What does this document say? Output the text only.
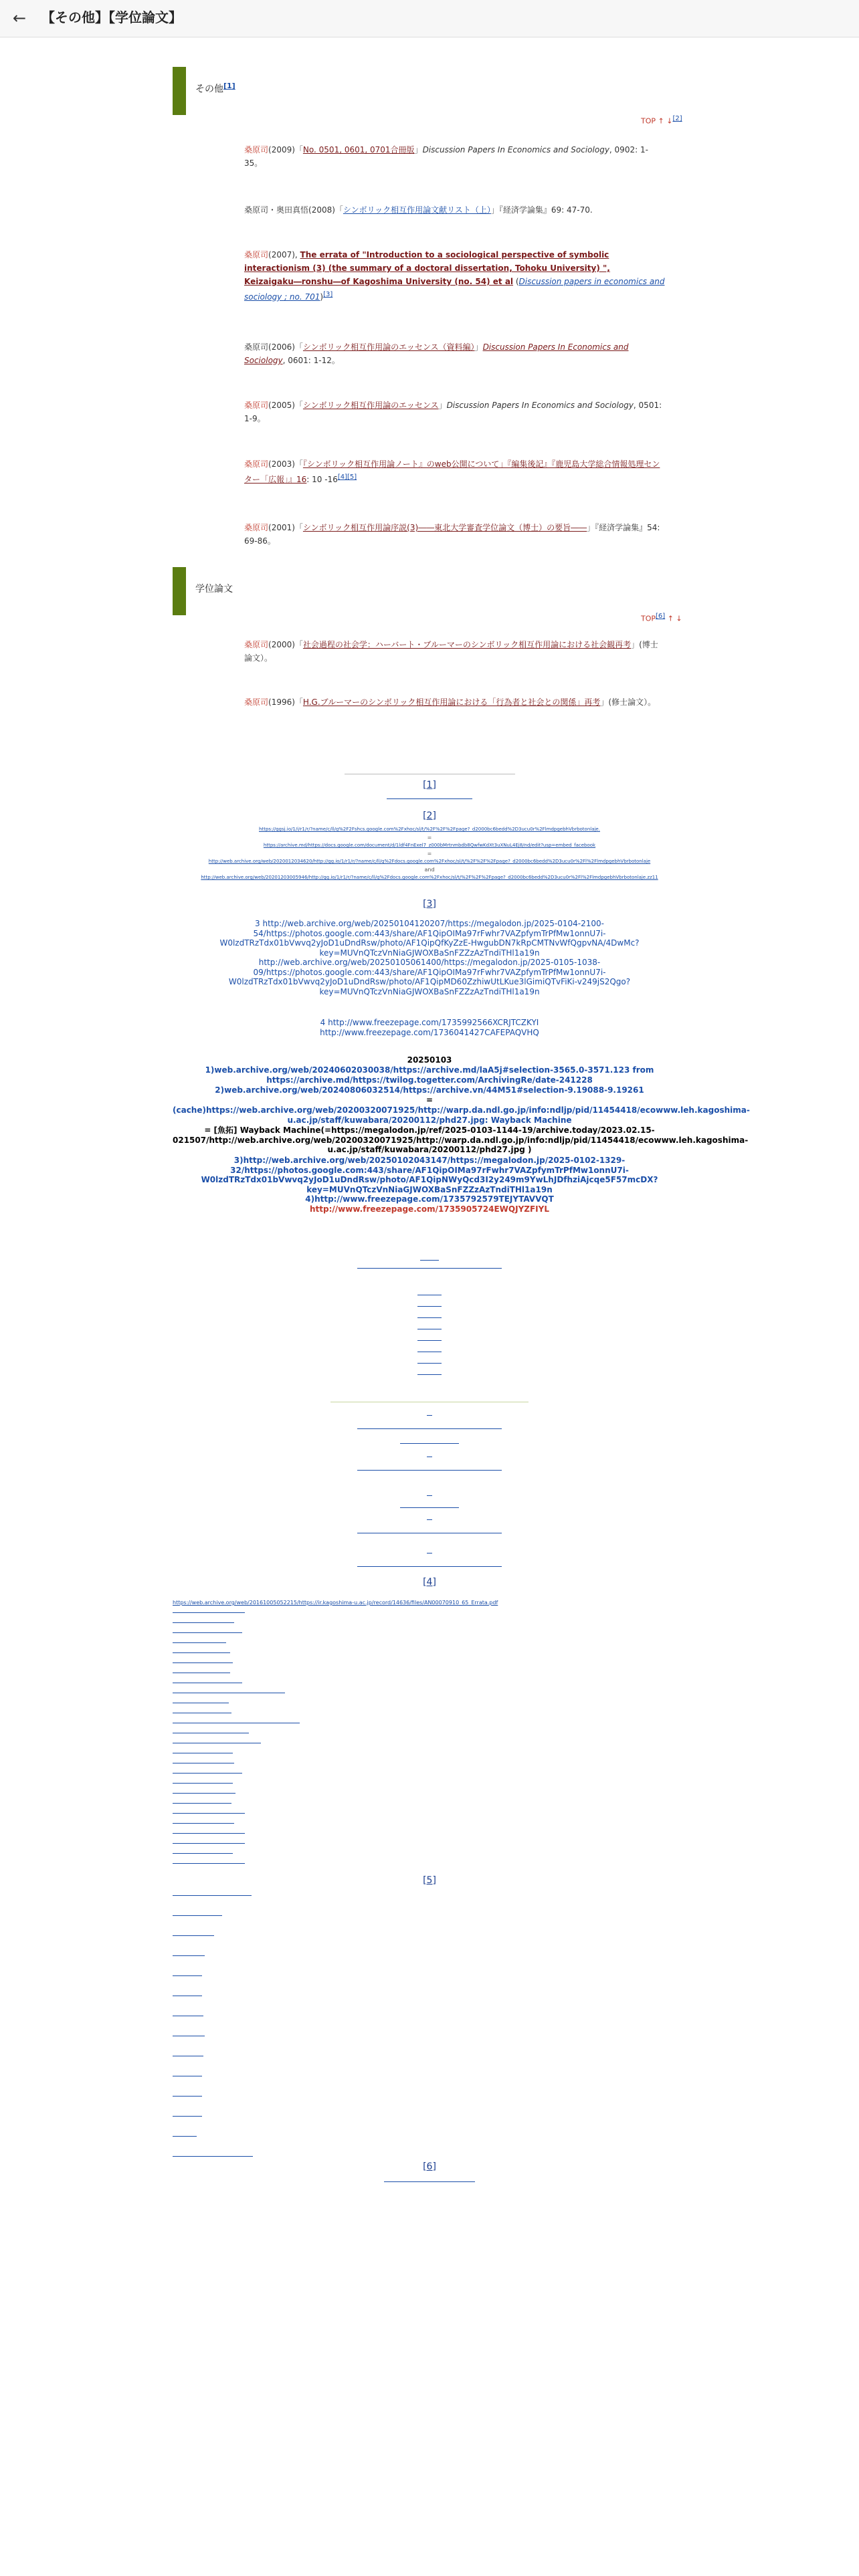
← 【その他】【学位論文】
その他[1]
TOP ↑ ↓[2]
桑原司(2009)「No. 0501, 0601, 0701合冊版」Discussion Papers In Economics and Sociology, 0902: 1-35。
桑原司・奥田真悟(2008)「シンボリック相互作用論文献リスト（上）」『経済学論集』69: 47-70.
桑原司(2007), The errata of "Introduction to a sociological perspective of symbolic interactionism (3) (the summary of a doctoral dissertation, Tohoku University) ", Keizaigaku―ronshu―of Kagoshima University (no. 54) et al (Discussion papers in economics and sociology ; no. 701)[3]
桑原司(2006)「シンボリック相互作用論のエッセンス（資料編）」Discussion Papers In Economics and Sociology, 0601: 1-12。
桑原司(2005)「シンボリック相互作用論のエッセンス」Discussion Papers In Economics and Sociology, 0501: 1-9。
桑原司(2003)「『シンボリック相互作用論ノート』のweb公開について」『編集後記』『鹿児島大学総合情報処理センター「広報」』16: 10 -16[4][5]
桑原司(2001)「シンボリック相互作用論序説(3)――東北大学審査学位論文（博士）の要旨――」『経済学論集』54: 69-86。
学位論文
TOP[6] ↑ ↓
桑原司(2000)「社会過程の社会学：ハーバート・ブルーマーのシンボリック相互作用論における社会観再考」(博士論文）。
桑原司(1996)「H.G.ブルーマーのシンボリック相互作用論における「行為者と社会との関係」再考」(修士論文）。
[1]
[2]
https://ggsj.io/1/i/r1/r/?name/c/ll/g%2F2Fshcs.google.com%2Fxhoc/sl/t/%2F%2F%2Fpage?_d2000bc6bedd%2D3ucu0r%2FlmdpgebhVbrbotonlaje.
=
https://archive.md/https://docs.google.com/document/d/1ldf4FnExel7_z000bMrtnmbdb8QwfwKdXt3uXNuL4Ej8/nd/edit?usp=embed_facebook
=
http://web.archive.org/web/2020012034620/http://gg.io/1/r1/r/?name/c/ll/g%2Fdocs.google.com%2Fxhoc/sl/t/%2F%2F%2Fpage?_d2000bc6bedd%2D3ucu0r%2Fl%2FlmdpgebhVbrbotonlaje
and
http://web.archive.org/web/20201203005946/http://gg.io/1/r1/r/?name/c/ll/g%2Fdocs.google.com%2Fxhoc/sl/t/%2F%2F%2Fpage?_d2000bc6bedd%2D3ucu0r%2Fl%2FlmdpgebhVbrbotonlaje.zz11
[3]
3 http://web.archive.org/web/20250104120207/https://megalodon.jp/2025-0104-2100-54/https://photos.google.com:443/share/AF1QipOIMa97rFwhr7VAZpfymTrPfMw1onnU7i-W0lzdTRzTdx01bVwvq2yJoD1uDndRsw/photo/AF1QipQfKyZzE-HwgubDN7kRpCMTNvWfQgpvNA/4DwMc?key=MUVnQTczVnNiaGJWOXBaSnFZZzAzTndiTHl1a19n http://web.archive.org/web/20250105061400/https://megalodon.jp/2025-0105-1038-09/https://photos.google.com:443/share/AF1QipOIMa97rFwhr7VAZpfymTrPfMw1onnU7i-W0lzdTRzTdx01bVwvq2yJoD1uDndRsw/photo/AF1QipMD60ZzhiwUtLKue3lGimiQTvFiKi-v249jS2Qgo?key=MUVnQTczVnNiaGJWOXBaSnFZZzAzTndiTHl1a19n
4 http://www.freezepage.com/1735992566XCRJTCZKYI
http://www.freezepage.com/1736041427CAFEPAQVHQ
20250103
1)web.archive.org/web/20240602030038/https://archive.md/laA5j#selection-3565.0-3571.123 from https://archive.md/https://twilog.togetter.com/ArchivingRe/date-241228
2)web.archive.org/web/20240806032514/https://archive.vn/44M51#selection-9.19088-9.19261
=
(cache)https://web.archive.org/web/20200320071925/http://warp.da.ndl.go.jp/info:ndljp/pid/11454418/ecowww.leh.kagoshima-u.ac.jp/staff/kuwabara/20200112/phd27.jpg: Wayback Machine
= [魚拓] Wayback Machine(=https://megalodon.jp/ref/2025-0103-1144-19/archive.today/2023.02.15-021507/http://web.archive.org/web/20200320071925/http://warp.da.ndl.go.jp/info:ndljp/pid/11454418/ecowww.leh.kagoshima-u.ac.jp/staff/kuwabara/20200112/phd27.jpg )
3)http://web.archive.org/web/20250102043147/https://megalodon.jp/2025-0102-1329-32/https://photos.google.com:443/share/AF1QipOIMa97rFwhr7VAZpfymTrPfMw1onnU7i-W0lzdTRzTdx01bVwvq2yJoD1uDndRsw/photo/AF1QipNWyQcd3I2y249m9YwLhJDfhziAjcqe5F57mcDX?key=MUVnQTczVnNiaGJWOXBaSnFZZzAzTndiTHl1a19n
4)http://www.freezepage.com/1735792579TEJYTAVVQT
http://www.freezepage.com/1735905724EWQJYZFIYL
[4]
https://web.archive.org/web/20161005052215/https://ir.kagoshima-u.ac.jp/record/14636/files/AN00070910_65_Errata.pdf
[5]
[6]
